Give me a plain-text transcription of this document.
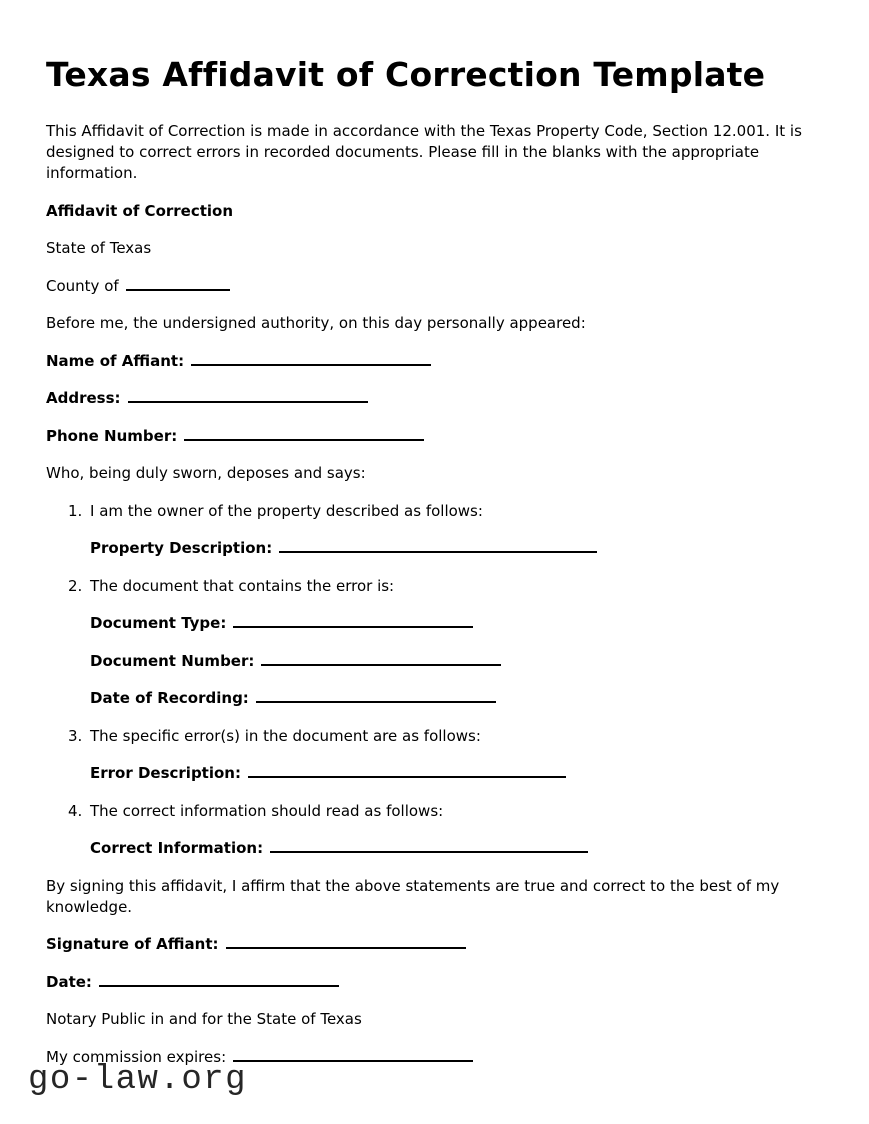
Texas Affidavit of Correction Template

This Affidavit of Correction is made in accordance with the Texas Property Code, Section 12.001. It is designed to correct errors in recorded documents. Please fill in the blanks with the appropriate information.

Affidavit of Correction

State of Texas

County of

Before me, the undersigned authority, on this day personally appeared:

Name of Affiant:

Address:

Phone Number:

Who, being duly sworn, deposes and says:

1. I am the owner of the property described as follows:

Property Description:

2. The document that contains the error is:

Document Type:

Document Number:

Date of Recording:

3. The specific error(s) in the document are as follows:

Error Description:

4. The correct information should read as follows:

Correct Information:

By signing this affidavit, I affirm that the above statements are true and correct to the best of my knowledge.

Signature of Affiant:

Date:

Notary Public in and for the State of Texas

My commission expires:

go-law.org
